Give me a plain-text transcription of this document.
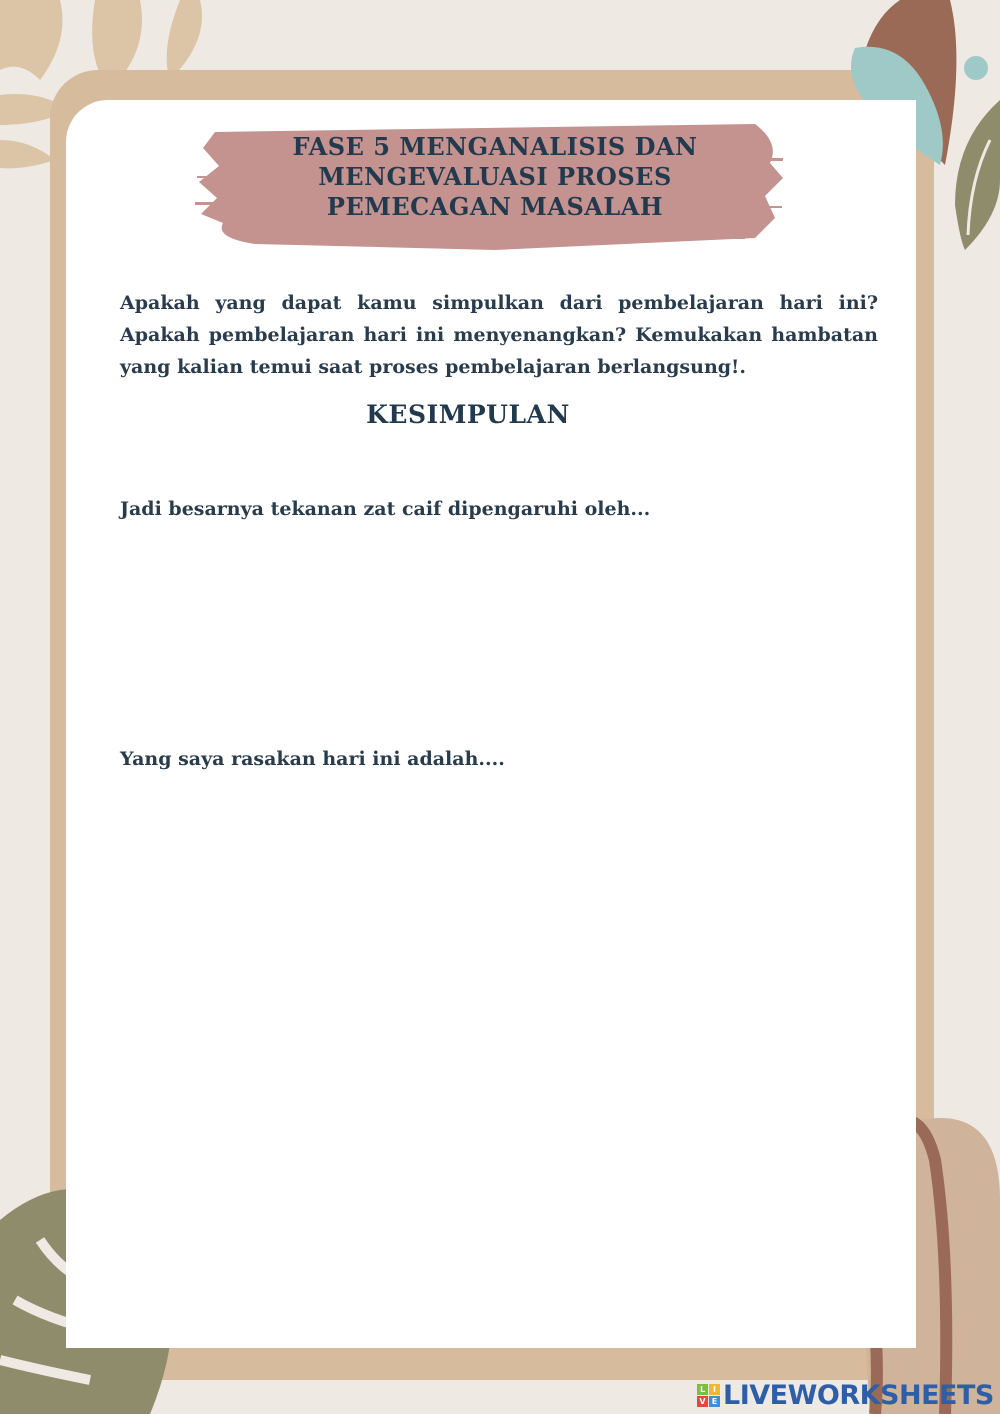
FASE 5 MENGANALISIS DAN
MENGEVALUASI PROSES
PEMECAGAN MASALAH
Apakah yang dapat kamu simpulkan dari pembelajaran hari ini?
Apakah pembelajaran hari ini menyenangkan? Kemukakan hambatan
yang kalian temui saat proses pembelajaran berlangsung!.
KESIMPULAN
Jadi besarnya tekanan zat caif dipengaruhi oleh...
Yang saya rasakan hari ini adalah....
L I
V E LIVEWORKSHEETS
